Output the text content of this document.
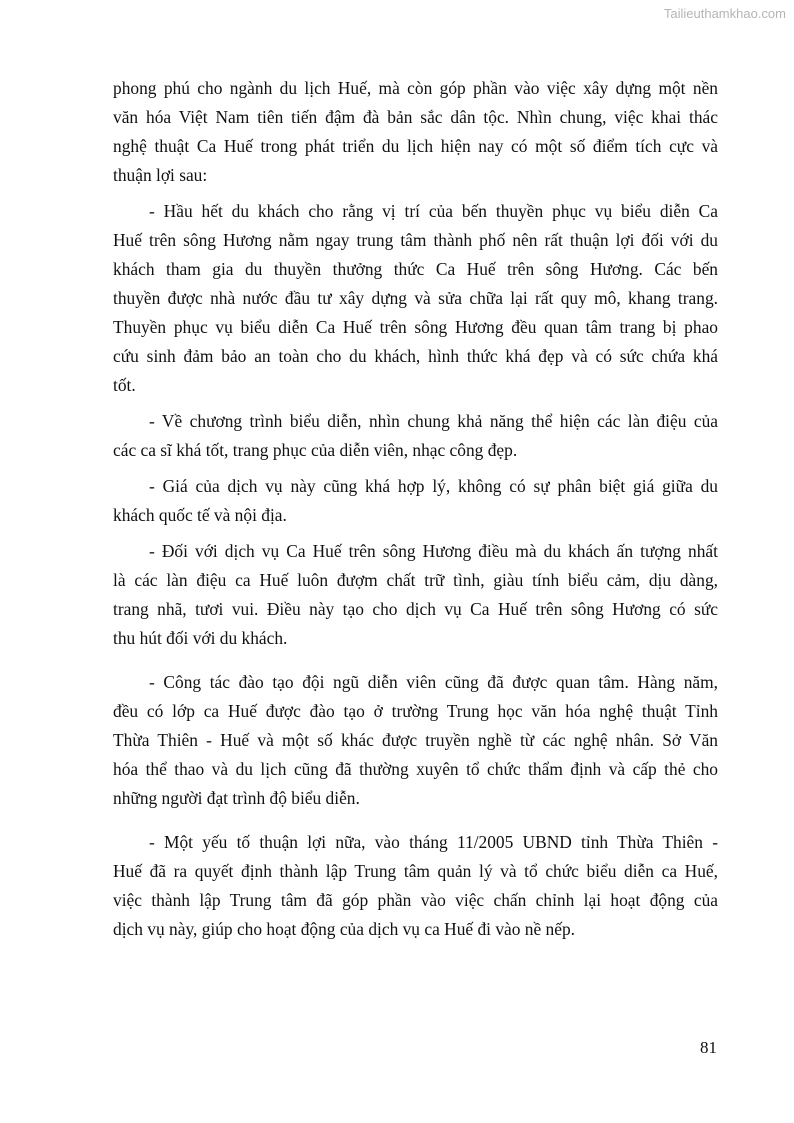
Tailieuthamkhao.com
phong phú cho ngành du lịch Huế, mà còn góp phần vào việc xây dựng một nền
văn hóa Việt Nam tiên tiến đậm đà bản sắc dân tộc. Nhìn chung, việc khai thác
nghệ thuật Ca Huế trong phát triển du lịch hiện nay có một số điểm tích cực và
thuận lợi sau:
- Hầu hết du khách cho rằng vị trí của bến thuyền phục vụ biểu diễn Ca
Huế trên sông Hương nằm ngay trung tâm thành phố nên rất thuận lợi đối với du
khách tham gia du thuyền thưởng thức Ca Huế trên sông Hương. Các bến
thuyền được nhà nước đầu tư xây dựng và sửa chữa lại rất quy mô, khang trang.
Thuyền phục vụ biểu diễn Ca Huế trên sông Hương đều quan tâm trang bị phao
cứu sinh đảm bảo an toàn cho du khách, hình thức khá đẹp và có sức chứa khá
tốt.
- Về chương trình biểu diễn, nhìn chung khả năng thể hiện các làn điệu của
các ca sĩ khá tốt, trang phục của diễn viên, nhạc công đẹp.
- Giá của dịch vụ này cũng khá hợp lý, không có sự phân biệt giá giữa du
khách quốc tế và nội địa.
- Đối với dịch vụ Ca Huế trên sông Hương điều mà du khách ấn tượng nhất
là các làn điệu ca Huế luôn đượm chất trữ tình, giàu tính biểu cảm, dịu dàng,
trang nhã, tươi vui. Điều này tạo cho dịch vụ Ca Huế trên sông Hương có sức
thu hút đối với du khách.
- Công tác đào tạo đội ngũ diễn viên cũng đã được quan tâm. Hàng năm,
đều có lớp ca Huế được đào tạo ở trường Trung học văn hóa nghệ thuật Tỉnh
Thừa Thiên - Huế và một số khác được truyền nghề từ các nghệ nhân. Sở Văn
hóa thể thao và du lịch cũng đã thường xuyên tổ chức thẩm định và cấp thẻ cho
những người đạt trình độ biểu diễn.
- Một yếu tố thuận lợi nữa, vào tháng 11/2005 UBND tỉnh Thừa Thiên -
Huế đã ra quyết định thành lập Trung tâm quản lý và tổ chức biểu diễn ca Huế,
việc thành lập Trung tâm đã góp phần vào việc chấn chỉnh lại hoạt động của
dịch vụ này, giúp cho hoạt động của dịch vụ ca Huế đi vào nề nếp.
81
